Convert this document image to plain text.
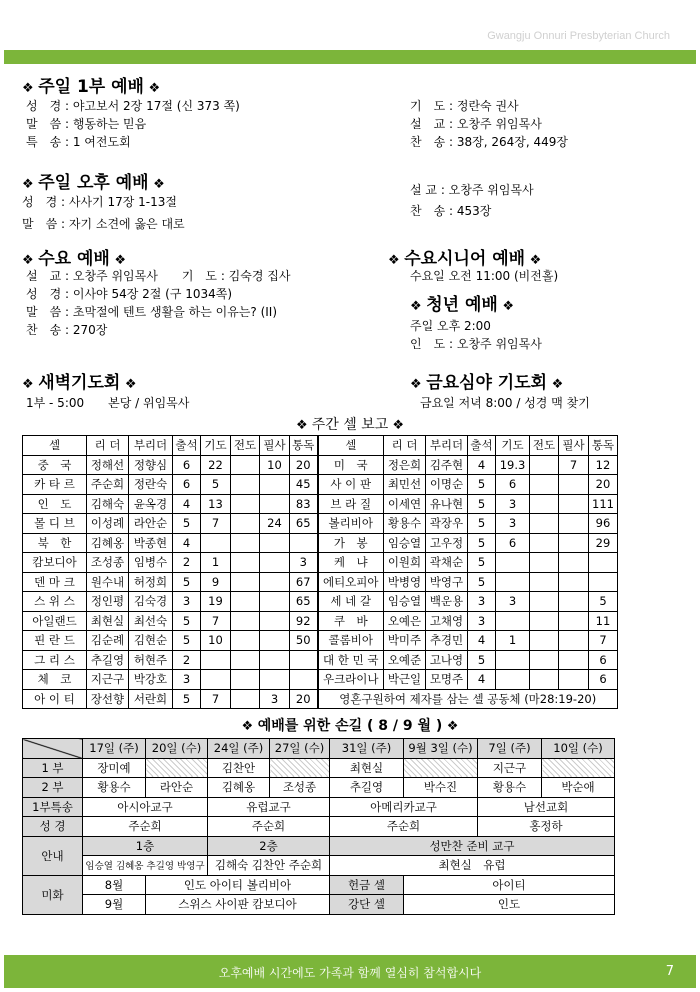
Gwangju Onnuri Presbyterian Church
❖ 주일 1부 예배 ❖
성　경 : 야고보서 2장 17절 (신 373 쪽)
말　씀 : 행동하는 믿음
특　송 : 1 여전도회
기　도 : 정란숙 권사
설　교 : 오창주 위임목사
찬　송 : 38장, 264장, 449장
❖ 주일 오후 예배 ❖
성　경 : 사사기 17장 1-13절
말　씀 : 자기 소견에 옳은 대로
설 교 : 오창주 위임목사
찬　송 : 453장
❖ 수요 예배 ❖
설　교 : 오창주 위임목사　　기　도 : 김숙경 집사
성　경 : 이사야 54장 2절 (구 1034쪽)
말　씀 : 초막절에 텐트 생활을 하는 이유는? (II)
찬　송 : 270장
❖ 수요시니어 예배 ❖
수요일 오전 11:00 (비전홀)
❖ 청년 예배 ❖
주일 오후 2:00
인　도 : 오창주 위임목사
❖ 새벽기도회 ❖
1부 - 5:00　　본당 / 위임목사
❖ 금요심야 기도회 ❖
금요일 저녁 8:00 / 성경 맥 찾기
❖ 주간 셀 보고 ❖
셀	리 더	부리더	출석	기도	전도	필사	통독	셀	리 더	부리더	출석	기도	전도	필사	통독
중　국	정해선	정향심	6	22		10	20	미　국	정은희	김주현	4	19.3		7	12
카 타 르	주순희	정란숙	6	5			45	사 이 판	최민선	이명순	5	6			20
인　도	김해숙	윤옥경	4	13			83	브 라 질	이세연	유나현	5	3			111
몰 디 브	이성례	라안순	5	7		24	65	볼리비아	황용수	곽장우	5	3			96
북　한	김혜옹	박종현	4					가　봉	임승열	고우정	5	6			29
캄보디아	조성종	임병수	2	1			3	케　냐	이원희	곽채순	5				
덴 마 크	원수내	허정희	5	9			67	에티오피아	박병영	박영구	5				
스 위 스	정인평	김숙경	3	19			65	세 네 갈	임승열	백운용	3	3			5
아일랜드	최현실	최선숙	5	7			92	쿠　바	오예은	고채영	3				11
핀 란 드	김순례	김현순	5	10			50	콜롬비아	박미주	추경민	4	1			7
그 리 스	추길영	허현주	2					대 한 민 국	오예준	고나영	5				6
체　코	지근구	박강호	3					우크라이나	박근일	모명주	4				6
아 이 티	장선향	서란희	5	7		3	20	영혼구원하여 제자를 삼는 셀 공동체 (마28:19-20)							
❖ 예배를 위한 손길 ( 8 / 9 월 ) ❖
	17일 (주)	20일 (수)	24일 (주)	27일 (수)	31일 (주)	9월 3일 (수)	7일 (주)	10일 (수)
1 부	장미예		김찬안		최현실		지근구	
2 부	황용수	라안순	김혜옹	조성종	추길영	박수진	황용수	박순애
1부특송	아시아교구		유럽교구		아메리카교구		남선교회	
성 경	주순희		주순희		주순희		홍정하	
안내	1층		2층		성만찬 준비 교구			
	임승열 김혜옹 추길영 박영구		김해숙 김찬안 주순희		최현실　유럽			
미화	8월	인도 아이티 볼리비아			헌금 셀	아이티		
	9월	스위스 사이판 캄보디아			강단 셀	인도		
오후예배 시간에도 가족과 함께 열심히 참석합시다	7
